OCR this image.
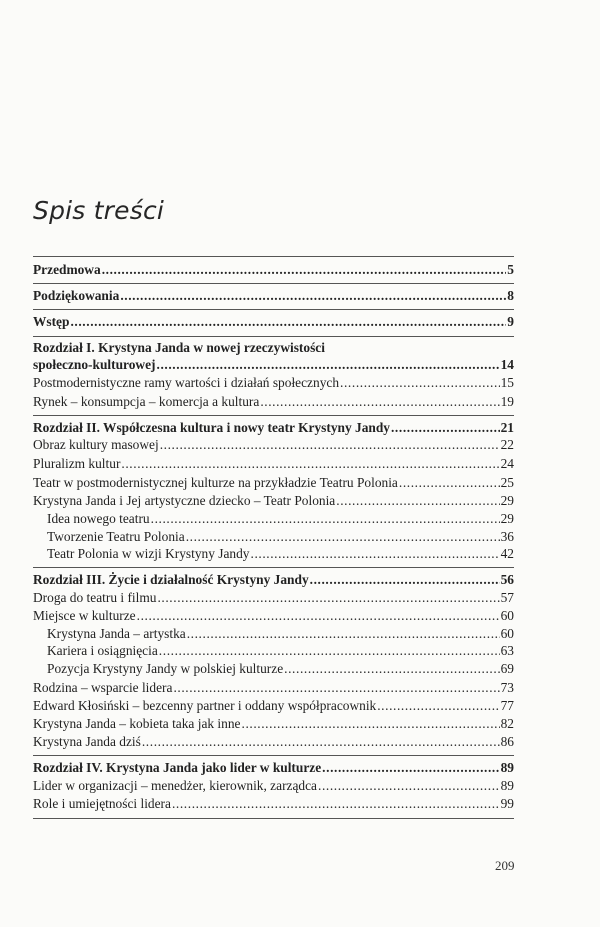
Spis treści
Przedmowa .....	5
Podziękowania .....	8
Wstęp .....	9
Rozdział I. Krystyna Janda w nowej rzeczywistości
społeczno-kulturowej .....	14
Postmodernistyczne ramy wartości i działań społecznych .....	15
Rynek – konsumpcja – komercja a kultura .....	19
Rozdział II. Współczesna kultura i nowy teatr Krystyny Jandy .....	21
Obraz kultury masowej .....	22
Pluralizm kultur .....	24
Teatr w postmodernistycznej kulturze na przykładzie Teatru Polonia .....	25
Krystyna Janda i Jej artystyczne dziecko – Teatr Polonia .....	29
Idea nowego teatru .....	29
Tworzenie Teatru Polonia .....	36
Teatr Polonia w wizji Krystyny Jandy .....	42
Rozdział III. Życie i działalność Krystyny Jandy .....	56
Droga do teatru i filmu .....	57
Miejsce w kulturze .....	60
Krystyna Janda – artystka .....	60
Kariera i osiągnięcia .....	63
Pozycja Krystyny Jandy w polskiej kulturze .....	69
Rodzina – wsparcie lidera .....	73
Edward Kłosiński – bezcenny partner i oddany współpracownik .....	77
Krystyna Janda – kobieta taka jak inne .....	82
Krystyna Janda dziś .....	86
Rozdział IV. Krystyna Janda jako lider w kulturze .....	89
Lider w organizacji – menedżer, kierownik, zarządca .....	89
Role i umiejętności lidera .....	99
209
